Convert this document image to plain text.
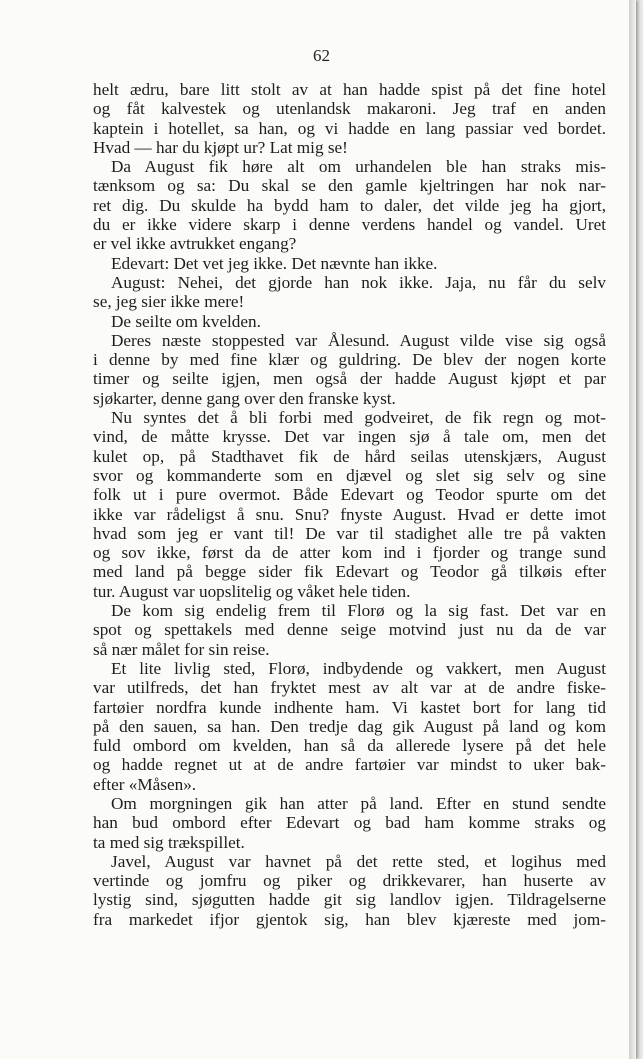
62
helt ædru, bare litt stolt av at han hadde spist på det fine hotel
og fåt kalvestek og utenlandsk makaroni. Jeg traf en anden
kaptein i hotellet, sa han, og vi hadde en lang passiar ved bordet.
Hvad — har du kjøpt ur? Lat mig se!
Da August fik høre alt om urhandelen ble han straks mis-
tænksom og sa: Du skal se den gamle kjeltringen har nok nar-
ret dig. Du skulde ha bydd ham to daler, det vilde jeg ha gjort,
du er ikke videre skarp i denne verdens handel og vandel. Uret
er vel ikke avtrukket engang?
Edevart: Det vet jeg ikke. Det nævnte han ikke.
August: Nehei, det gjorde han nok ikke. Jaja, nu får du selv
se, jeg sier ikke mere!
De seilte om kvelden.
Deres næste stoppested var Ålesund. August vilde vise sig også
i denne by med fine klær og guldring. De blev der nogen korte
timer og seilte igjen, men også der hadde August kjøpt et par
sjøkarter, denne gang over den franske kyst.
Nu syntes det å bli forbi med godveiret, de fik regn og mot-
vind, de måtte krysse. Det var ingen sjø å tale om, men det
kulet op, på Stadthavet fik de hård seilas utenskjærs, August
svor og kommanderte som en djævel og slet sig selv og sine
folk ut i pure overmot. Både Edevart og Teodor spurte om det
ikke var rådeligst å snu. Snu? fnyste August. Hvad er dette imot
hvad som jeg er vant til! De var til stadighet alle tre på vakten
og sov ikke, først da de atter kom ind i fjorder og trange sund
med land på begge sider fik Edevart og Teodor gå tilkøis efter
tur. August var uopslitelig og våket hele tiden.
De kom sig endelig frem til Florø og la sig fast. Det var en
spot og spettakels med denne seige motvind just nu da de var
så nær målet for sin reise.
Et lite livlig sted, Florø, indbydende og vakkert, men August
var utilfreds, det han fryktet mest av alt var at de andre fiske-
fartøier nordfra kunde indhente ham. Vi kastet bort for lang tid
på den sauen, sa han. Den tredje dag gik August på land og kom
fuld ombord om kvelden, han så da allerede lysere på det hele
og hadde regnet ut at de andre fartøier var mindst to uker bak-
efter «Måsen».
Om morgningen gik han atter på land. Efter en stund sendte
han bud ombord efter Edevart og bad ham komme straks og
ta med sig trækspillet.
Javel, August var havnet på det rette sted, et logihus med
vertinde og jomfru og piker og drikkevarer, han huserte av
lystig sind, sjøgutten hadde git sig landlov igjen. Tildragelserne
fra markedet ifjor gjentok sig, han blev kjæreste med jom-
